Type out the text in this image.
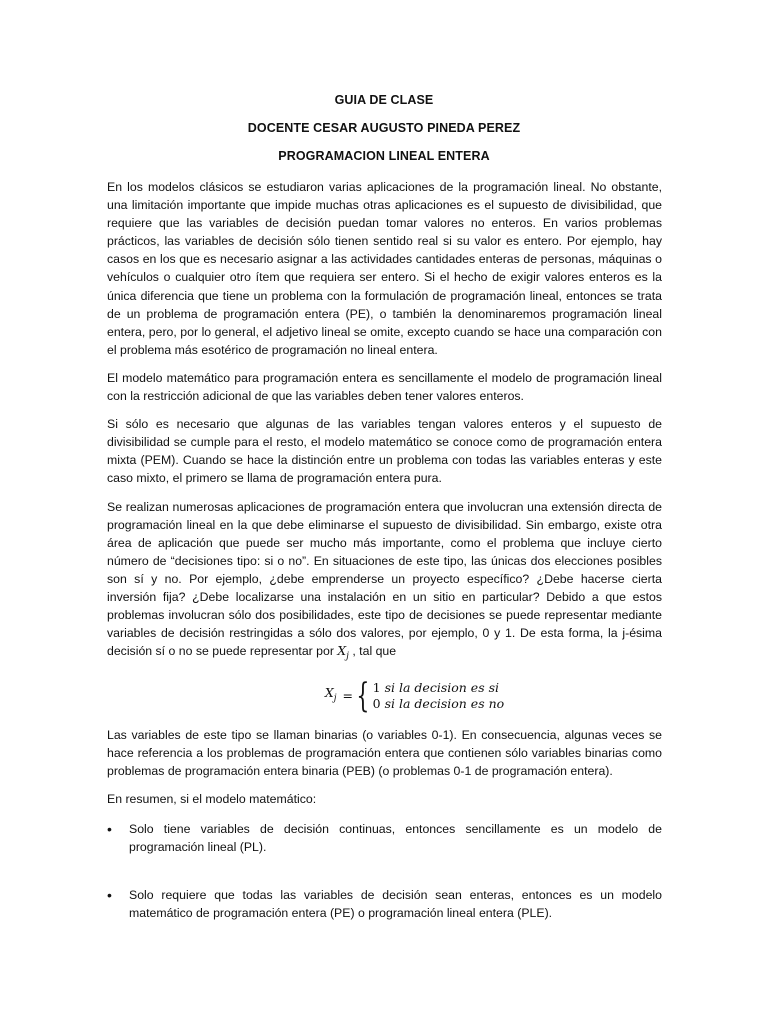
GUIA DE CLASE
DOCENTE CESAR AUGUSTO PINEDA PEREZ
PROGRAMACION LINEAL ENTERA

En los modelos clásicos se estudiaron varias aplicaciones de la programación lineal. No obstante, una limitación importante que impide muchas otras aplicaciones es el supuesto de divisibilidad, que requiere que las variables de decisión puedan tomar valores no enteros. En varios problemas prácticos, las variables de decisión sólo tienen sentido real si su valor es entero. Por ejemplo, hay casos en los que es necesario asignar a las actividades cantidades enteras de personas, máquinas o vehículos o cualquier otro ítem que requiera ser entero. Si el hecho de exigir valores enteros es la única diferencia que tiene un problema con la formulación de programación lineal, entonces se trata de un problema de programación entera (PE), o también la denominaremos programación lineal entera, pero, por lo general, el adjetivo lineal se omite, excepto cuando se hace una comparación con el problema más esotérico de programación no lineal entera.

El modelo matemático para programación entera es sencillamente el modelo de programación lineal con la restricción adicional de que las variables deben tener valores enteros.

Si sólo es necesario que algunas de las variables tengan valores enteros y el supuesto de divisibilidad se cumple para el resto, el modelo matemático se conoce como de programación entera mixta (PEM). Cuando se hace la distinción entre un problema con todas las variables enteras y este caso mixto, el primero se llama de programación entera pura.

Se realizan numerosas aplicaciones de programación entera que involucran una extensión directa de programación lineal en la que debe eliminarse el supuesto de divisibilidad. Sin embargo, existe otra área de aplicación que puede ser mucho más importante, como el problema que incluye cierto número de “decisiones tipo: si o no”. En situaciones de este tipo, las únicas dos elecciones posibles son sí y no. Por ejemplo, ¿debe emprenderse un proyecto específico? ¿Debe hacerse cierta inversión fija? ¿Debe localizarse una instalación en un sitio en particular? Debido a que estos problemas involucran sólo dos posibilidades, este tipo de decisiones se puede representar mediante variables de decisión restringidas a sólo dos valores, por ejemplo, 0 y 1. De esta forma, la j-ésima decisión sí o no se puede representar por $X_j$ , tal que

$X_j$ = { 1 si la decision es si
0 si la decision es no

Las variables de este tipo se llaman binarias (o variables 0-1). En consecuencia, algunas veces se hace referencia a los problemas de programación entera que contienen sólo variables binarias como problemas de programación entera binaria (PEB) (o problemas 0-1 de programación entera).

En resumen, si el modelo matemático:

• Solo tiene variables de decisión continuas, entonces sencillamente es un modelo de programación lineal (PL).
• Solo requiere que todas las variables de decisión sean enteras, entonces es un modelo matemático de programación entera (PE) o programación lineal entera (PLE).
